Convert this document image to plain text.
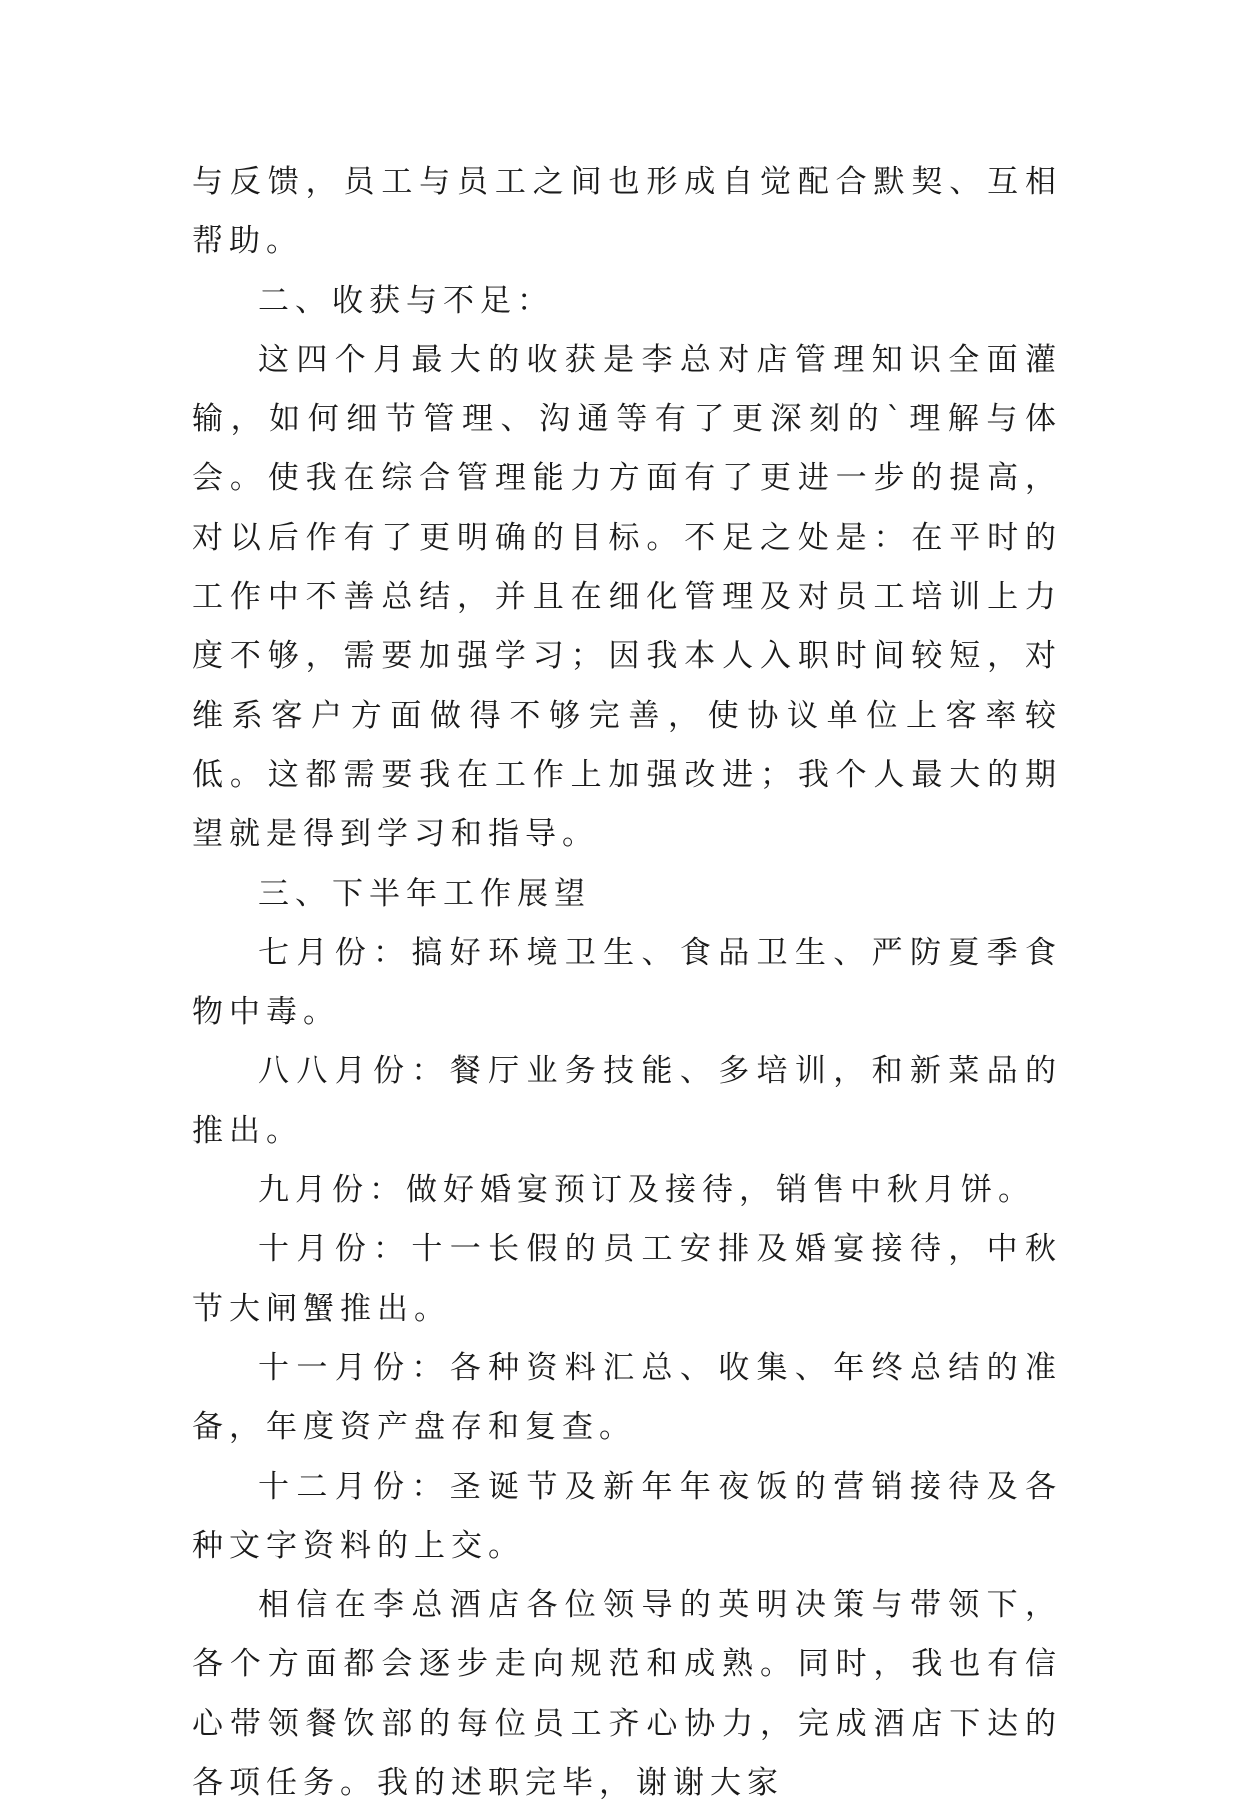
与反馈，员工与员工之间也形成自觉配合默契、互相帮助。

二、收获与不足：

这四个月最大的收获是李总对店管理知识全面灌输，如何细节管理、沟通等有了更深刻的`理解与体会。使我在综合管理能力方面有了更进一步的提高，对以后作有了更明确的目标。不足之处是：在平时的工作中不善总结，并且在细化管理及对员工培训上力度不够，需要加强学习；因我本人入职时间较短，对维系客户方面做得不够完善，使协议单位上客率较低。这都需要我在工作上加强改进；我个人最大的期望就是得到学习和指导。

三、下半年工作展望

七月份：搞好环境卫生、食品卫生、严防夏季食物中毒。

八八月份：餐厅业务技能、多培训，和新菜品的推出。

九月份：做好婚宴预订及接待，销售中秋月饼。

十月份：十一长假的员工安排及婚宴接待，中秋节大闸蟹推出。

十一月份：各种资料汇总、收集、年终总结的准备，年度资产盘存和复查。

十二月份：圣诞节及新年年夜饭的营销接待及各种文字资料的上交。

相信在李总酒店各位领导的英明决策与带领下，各个方面都会逐步走向规范和成熟。同时，我也有信心带领餐饮部的每位员工齐心协力，完成酒店下达的各项任务。我的述职完毕，谢谢大家
